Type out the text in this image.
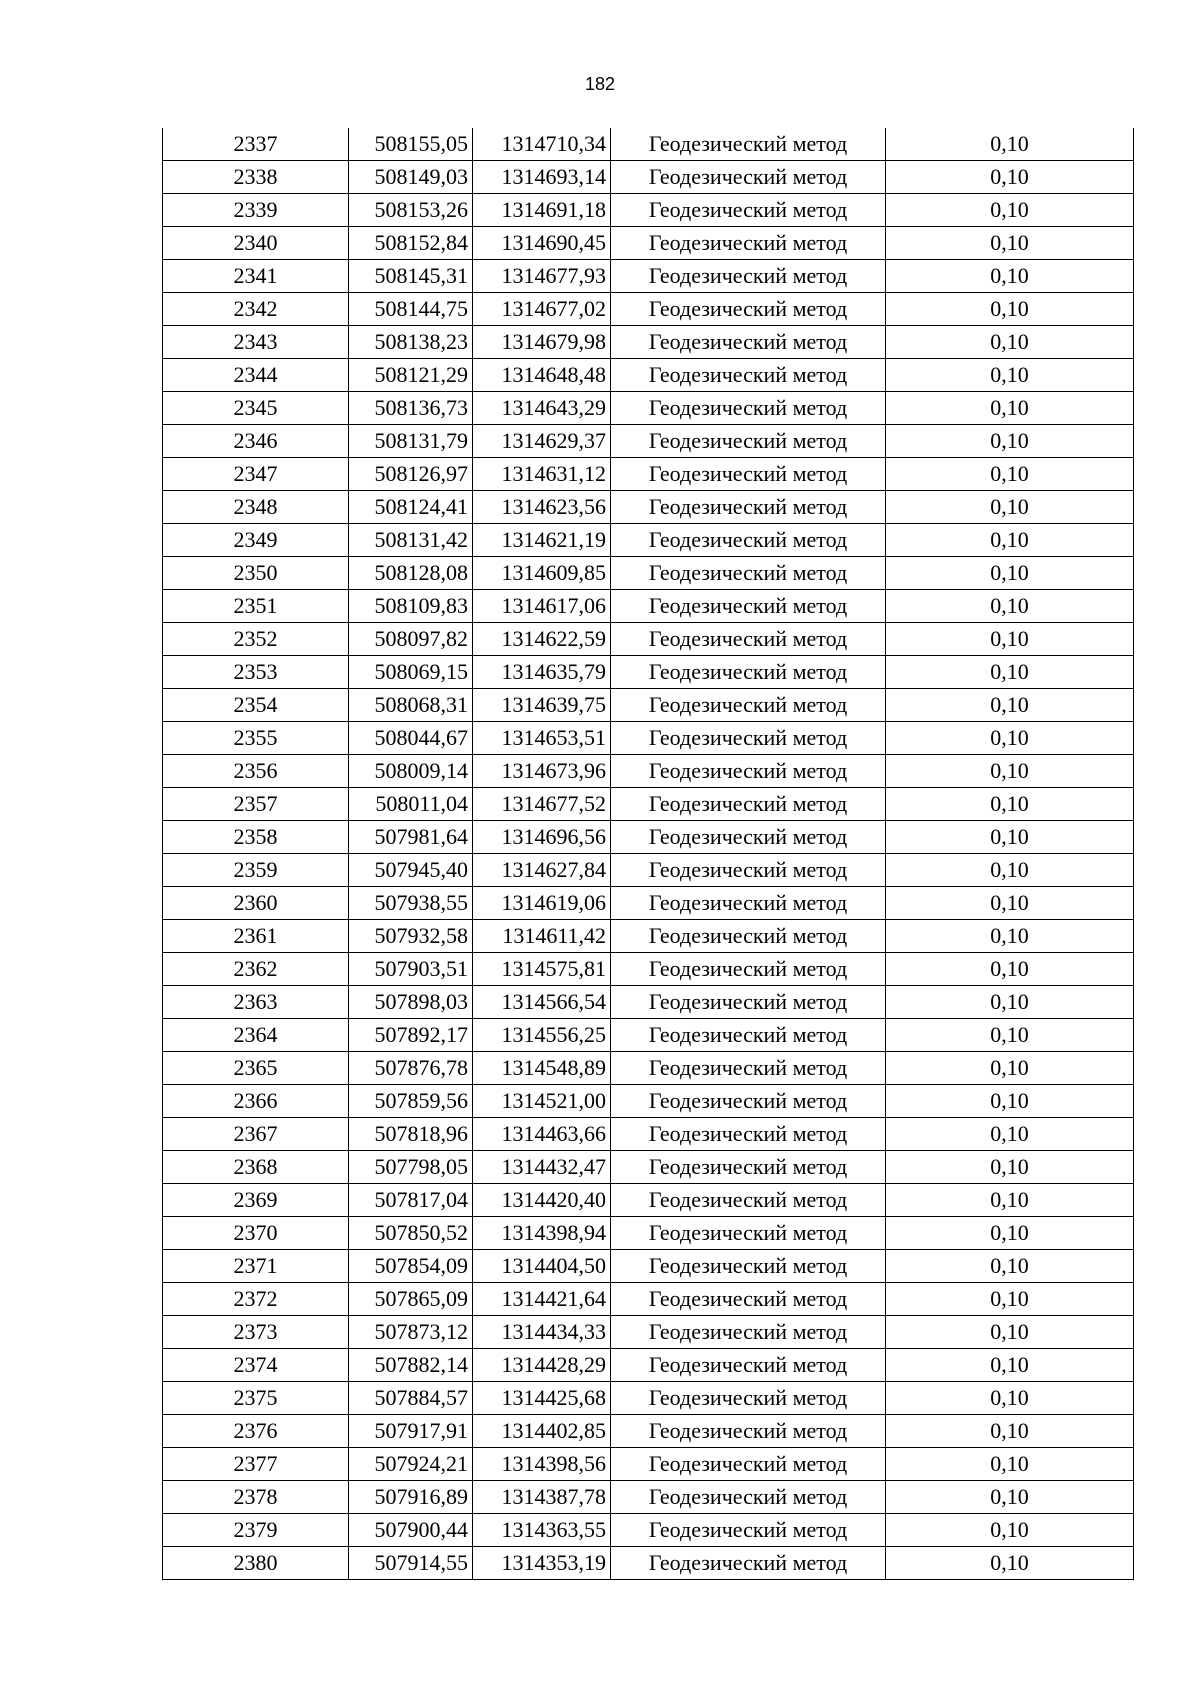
182
2337	508155,05	1314710,34	Геодезический метод	0,10
2338	508149,03	1314693,14	Геодезический метод	0,10
2339	508153,26	1314691,18	Геодезический метод	0,10
2340	508152,84	1314690,45	Геодезический метод	0,10
2341	508145,31	1314677,93	Геодезический метод	0,10
2342	508144,75	1314677,02	Геодезический метод	0,10
2343	508138,23	1314679,98	Геодезический метод	0,10
2344	508121,29	1314648,48	Геодезический метод	0,10
2345	508136,73	1314643,29	Геодезический метод	0,10
2346	508131,79	1314629,37	Геодезический метод	0,10
2347	508126,97	1314631,12	Геодезический метод	0,10
2348	508124,41	1314623,56	Геодезический метод	0,10
2349	508131,42	1314621,19	Геодезический метод	0,10
2350	508128,08	1314609,85	Геодезический метод	0,10
2351	508109,83	1314617,06	Геодезический метод	0,10
2352	508097,82	1314622,59	Геодезический метод	0,10
2353	508069,15	1314635,79	Геодезический метод	0,10
2354	508068,31	1314639,75	Геодезический метод	0,10
2355	508044,67	1314653,51	Геодезический метод	0,10
2356	508009,14	1314673,96	Геодезический метод	0,10
2357	508011,04	1314677,52	Геодезический метод	0,10
2358	507981,64	1314696,56	Геодезический метод	0,10
2359	507945,40	1314627,84	Геодезический метод	0,10
2360	507938,55	1314619,06	Геодезический метод	0,10
2361	507932,58	1314611,42	Геодезический метод	0,10
2362	507903,51	1314575,81	Геодезический метод	0,10
2363	507898,03	1314566,54	Геодезический метод	0,10
2364	507892,17	1314556,25	Геодезический метод	0,10
2365	507876,78	1314548,89	Геодезический метод	0,10
2366	507859,56	1314521,00	Геодезический метод	0,10
2367	507818,96	1314463,66	Геодезический метод	0,10
2368	507798,05	1314432,47	Геодезический метод	0,10
2369	507817,04	1314420,40	Геодезический метод	0,10
2370	507850,52	1314398,94	Геодезический метод	0,10
2371	507854,09	1314404,50	Геодезический метод	0,10
2372	507865,09	1314421,64	Геодезический метод	0,10
2373	507873,12	1314434,33	Геодезический метод	0,10
2374	507882,14	1314428,29	Геодезический метод	0,10
2375	507884,57	1314425,68	Геодезический метод	0,10
2376	507917,91	1314402,85	Геодезический метод	0,10
2377	507924,21	1314398,56	Геодезический метод	0,10
2378	507916,89	1314387,78	Геодезический метод	0,10
2379	507900,44	1314363,55	Геодезический метод	0,10
2380	507914,55	1314353,19	Геодезический метод	0,10
